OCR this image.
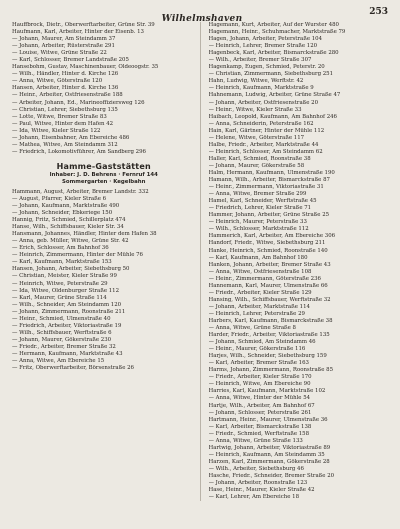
Wilhelmshaven
253
Hauffbrock, Dietr., Oberwerftarbeiter, Grüne Str. 39
Haufmann, Karl, Arbeiter, Hinter der Eisenb. 13
— Johann, Maurer, Am Steindamm 37
— Johann, Arbeiter, Rüsterstraße 291
— Louise, Witwe, Grüne Straße 22
— Karl, Schlosser, Bremer Landstraße 205
Hansebohm, Gustav, Maschinenbauer, Oldeoogstr. 35
— Wilh., Händler, Hinter d. Kirche 126
— Anna, Witwe, Göterstraße 120
Hansen, Arbeiter, Hinter d. Kirche 136
— Heinr., Arbeiter, Ostfriesenstraße 188
— Arbeiter, Johann, Ed., Marineoffiziersweg 126
— Christian, Lehrer, Siebethsburg 135
— Lotte, Witwe, Bremer Straße 83
— Paul, Witwe, Hinter dem Hafen 42
— Ida, Witwe, Kieler Straße 122
— Johann, Eisenbahner, Am Ebereiche 486
— Mathea, Witwe, Am Steindamm 312
— Friedrich, Lokomotivführer, Am Sandberg 296
Hamme-Gaststätten
Inhaber: J. D. Behrens · Fernruf 144
Sommergarten · Kegelbahn
Hammann, August, Arbeiter, Bremer Landstr. 332
— August, Pfarrer, Kieler Straße 6
— Johann, Kaufmann, Marktstraße 490
— Johann, Schneider, Ebkeriege 150
Hannig, Fritz, Schmied, Schillerplatz 474
Hanse, Wilh., Schiffsbauer, Kieler Str. 34
Hansmann, Johannes, Händler, Hinter dem Hafen 38
— Anna, geb. Müller, Witwe, Grüne Str. 42
— Erich, Schlosser, Am Bahnhof 36
— Heinrich, Zimmermann, Hinter der Mühle 76
— Karl, Kaufmann, Marktstraße 153
Hansen, Johann, Arbeiter, Siebethsburg 50
— Christian, Meister, Kieler Straße 99
— Heinrich, Witwe, Peterstraße 29
— Ida, Witwe, Oldenburger Straße 112
— Karl, Maurer, Grüne Straße 114
— Wilh., Schneider, Am Steindamm 120
— Johann, Zimmermann, Roonstraße 211
— Heinr., Schmied, Ulmenstraße 40
— Friedrich, Arbeiter, Viktoriastraße 19
— Wilh., Schiffsbauer, Werftstraße 6
— Johann, Maurer, Gökerstraße 230
— Friedr., Arbeiter, Bremer Straße 32
— Hermann, Kaufmann, Marktstraße 43
— Anna, Witwe, Am Ebereiche 15
— Fritz, Oberwerftarbeiter, Börsenstraße 26
Hagemann, Kurt, Arbeiter, Auf der Wurster 480
Hagemann, Heinr., Schuhmacher, Marktstraße 79
Hagen, Johann, Arbeiter, Peterstraße 104
— Heinrich, Lehrer, Bremer Straße 120
Hagenbeck, Karl, Arbeiter, Bismarckstraße 280
— Wilh., Arbeiter, Bremer Straße 307
Hagenkamp, Eugen, Schmied, Peterstr. 20
— Christian, Zimmermann, Siebethsburg 251
Hahn, Ludwig, Witwe, Werftstr. 42
— Heinrich, Kaufmann, Marktstraße 9
Hahnemann, Ludwig, Arbeiter, Grüne Straße 47
— Johann, Arbeiter, Ostfriesenstraße 20
— Heinr., Witwe, Kieler Straße 33
Haibach, Leopold, Kaufmann, Am Bahnhof 246
— Anna, Schneiderin, Peterstraße 162
Hain, Karl, Gärtner, Hinter der Mühle 112
— Helene, Witwe, Göterstraße 117
Halbe, Friedr., Arbeiter, Marktstraße 44
— Heinrich, Schlosser, Am Steindamm 62
Haller, Karl, Schmied, Roonstraße 38
— Johann, Maurer, Gökerstraße 58
Halm, Hermann, Kaufmann, Ulmenstraße 190
Hamann, Wilh., Arbeiter, Bismarckstraße 87
— Heinr., Zimmermann, Viktoriastraße 31
— Anna, Witwe, Bremer Straße 299
Hamel, Karl, Schneider, Werftstraße 45
— Friedrich, Lehrer, Kieler Straße 71
Hammer, Johann, Arbeiter, Grüne Straße 25
— Heinrich, Maurer, Peterstraße 33
— Wilh., Schlosser, Marktstraße 112
Hammerich, Karl, Arbeiter, Am Ebereiche 306
Handorf, Friedr., Witwe, Siebethsburg 211
Hanke, Heinrich, Schmied, Roonstraße 140
— Karl, Kaufmann, Am Bahnhof 180
Hanken, Johann, Arbeiter, Bremer Straße 43
— Anna, Witwe, Ostfriesenstraße 108
— Heinr., Zimmermann, Göterstraße 236
Hannemann, Karl, Maurer, Ulmenstraße 66
— Friedr., Arbeiter, Kieler Straße 129
Hansing, Wilh., Schiffsbauer, Werftstraße 32
— Johann, Arbeiter, Marktstraße 114
— Heinrich, Lehrer, Peterstraße 29
Harbers, Karl, Kaufmann, Bismarckstraße 38
— Anna, Witwe, Grüne Straße 8
Harder, Friedr., Arbeiter, Viktoriastraße 135
— Johann, Schmied, Am Steindamm 46
— Heinr., Maurer, Gökerstraße 116
Harjes, Wilh., Schneider, Siebethsburg 159
— Karl, Arbeiter, Bremer Straße 163
Harms, Johann, Zimmermann, Roonstraße 85
— Friedr., Arbeiter, Kieler Straße 170
— Heinrich, Witwe, Am Ebereiche 90
Harries, Karl, Kaufmann, Marktstraße 102
— Anna, Witwe, Hinter der Mühle 54
Hartje, Wilh., Arbeiter, Am Bahnhof 67
— Johann, Schlosser, Peterstraße 261
Hartmann, Heinr., Maurer, Ulmenstraße 36
— Karl, Arbeiter, Bismarckstraße 138
— Friedr., Schmied, Werftstraße 158
— Anna, Witwe, Grüne Straße 133
Hartwig, Johann, Arbeiter, Viktoriastraße 89
— Heinrich, Kaufmann, Am Steindamm 35
Harzen, Karl, Zimmermann, Gökerstraße 28
— Wilh., Arbeiter, Siebethsburg 46
Hasche, Friedr., Schneider, Bremer Straße 20
— Johann, Arbeiter, Roonstraße 123
Hase, Heinr., Maurer, Kieler Straße 42
— Karl, Lehrer, Am Ebereiche 18
